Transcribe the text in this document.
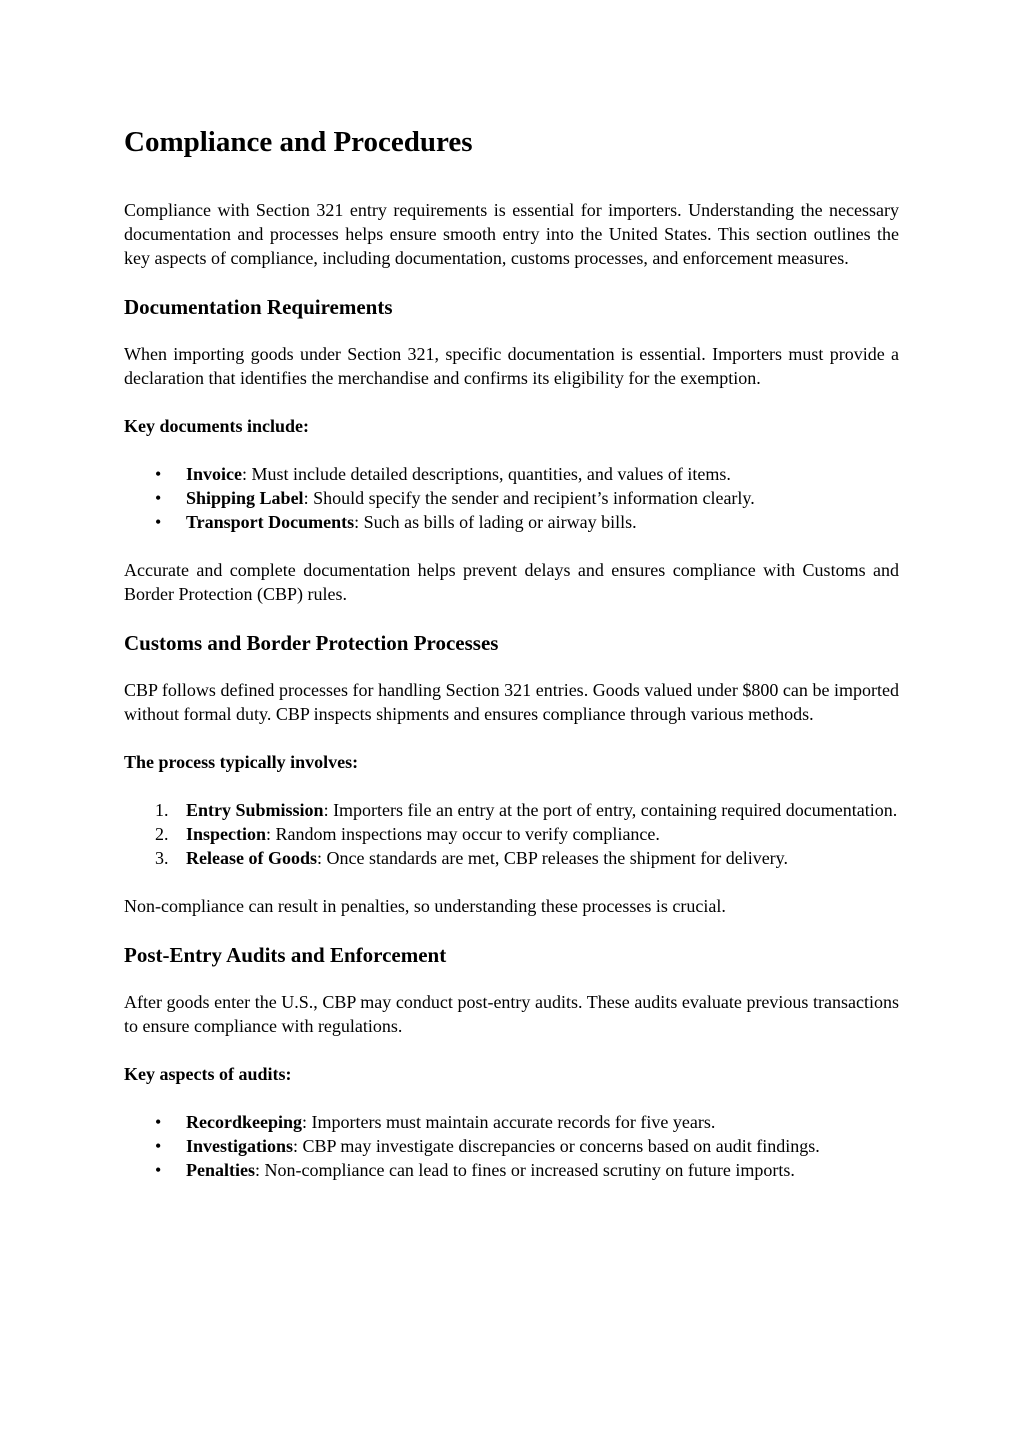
Compliance and Procedures

Compliance with Section 321 entry requirements is essential for importers. Understanding the necessary documentation and processes helps ensure smooth entry into the United States. This section outlines the key aspects of compliance, including documentation, customs processes, and enforcement measures.

Documentation Requirements

When importing goods under Section 321, specific documentation is essential. Importers must provide a declaration that identifies the merchandise and confirms its eligibility for the exemption.

Key documents include:

• Invoice: Must include detailed descriptions, quantities, and values of items.
• Shipping Label: Should specify the sender and recipient’s information clearly.
• Transport Documents: Such as bills of lading or airway bills.

Accurate and complete documentation helps prevent delays and ensures compliance with Customs and Border Protection (CBP) rules.

Customs and Border Protection Processes

CBP follows defined processes for handling Section 321 entries. Goods valued under $800 can be imported without formal duty. CBP inspects shipments and ensures compliance through various methods.

The process typically involves:

1. Entry Submission: Importers file an entry at the port of entry, containing required documentation.
2. Inspection: Random inspections may occur to verify compliance.
3. Release of Goods: Once standards are met, CBP releases the shipment for delivery.

Non-compliance can result in penalties, so understanding these processes is crucial.

Post-Entry Audits and Enforcement

After goods enter the U.S., CBP may conduct post-entry audits. These audits evaluate previous transactions to ensure compliance with regulations.

Key aspects of audits:

• Recordkeeping: Importers must maintain accurate records for five years.
• Investigations: CBP may investigate discrepancies or concerns based on audit findings.
• Penalties: Non-compliance can lead to fines or increased scrutiny on future imports.
